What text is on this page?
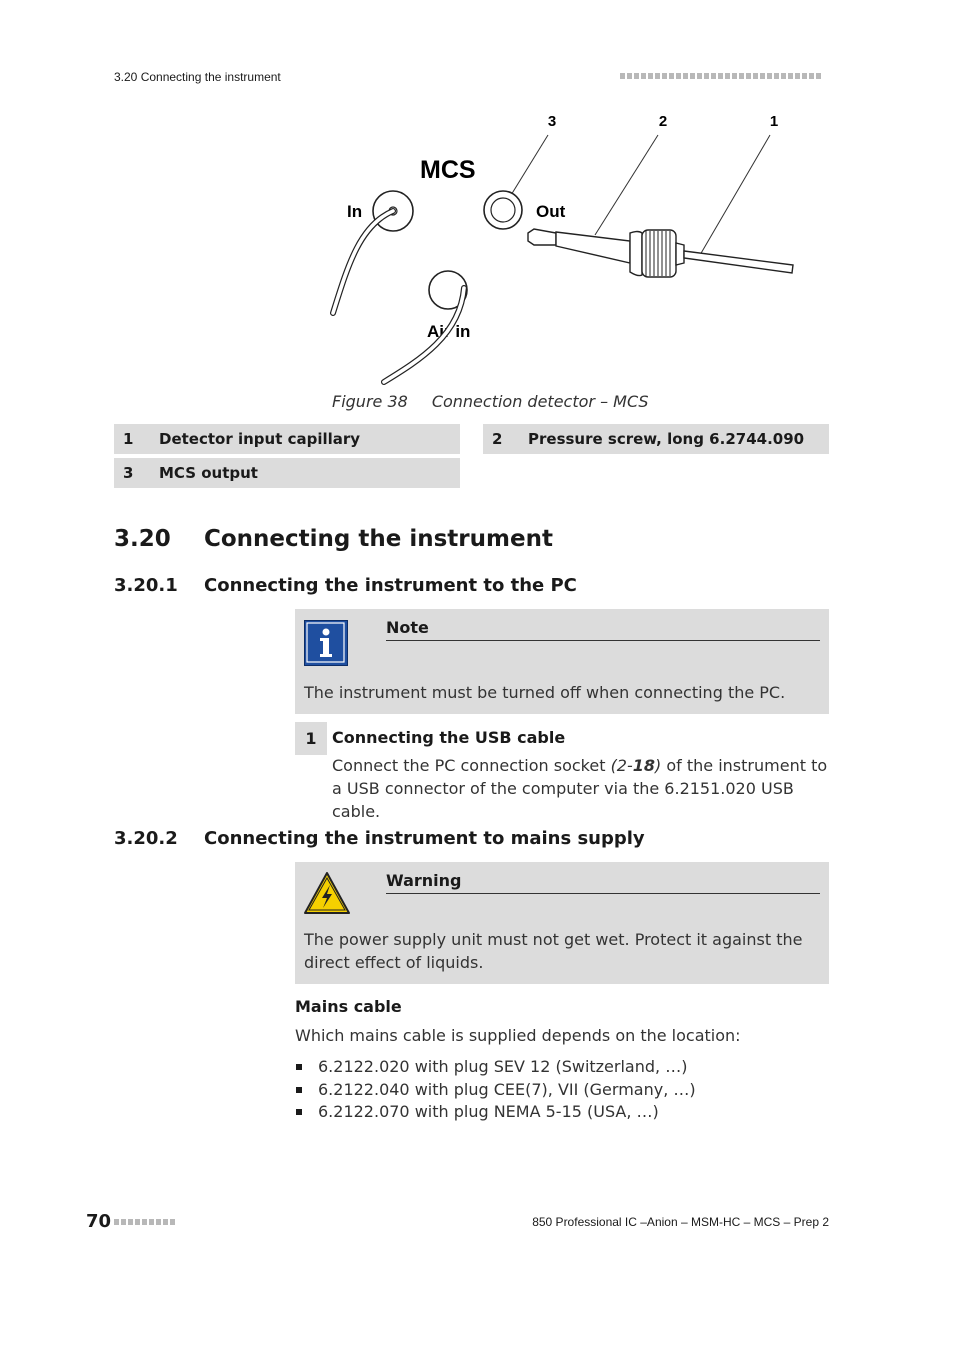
3.20 Connecting the instrument
3	2	1
MCS
In	Out
Air in
Figure 38 Connection detector – MCS
1	Detector input capillary	2	Pressure screw, long 6.2744.090
3	MCS output
3.20 Connecting the instrument
3.20.1 Connecting the instrument to the PC
Note
The instrument must be turned off when connecting the PC.
1 Connecting the USB cable
Connect the PC connection socket (2-18) of the instrument to a USB connector of the computer via the 6.2151.020 USB cable.
3.20.2 Connecting the instrument to mains supply
Warning
The power supply unit must not get wet. Protect it against the direct effect of liquids.
Mains cable
Which mains cable is supplied depends on the location:
6.2122.020 with plug SEV 12 (Switzerland, …)
6.2122.040 with plug CEE(7), VII (Germany, …)
6.2122.070 with plug NEMA 5-15 (USA, …)
70	850 Professional IC –Anion – MSM-HC – MCS – Prep 2
